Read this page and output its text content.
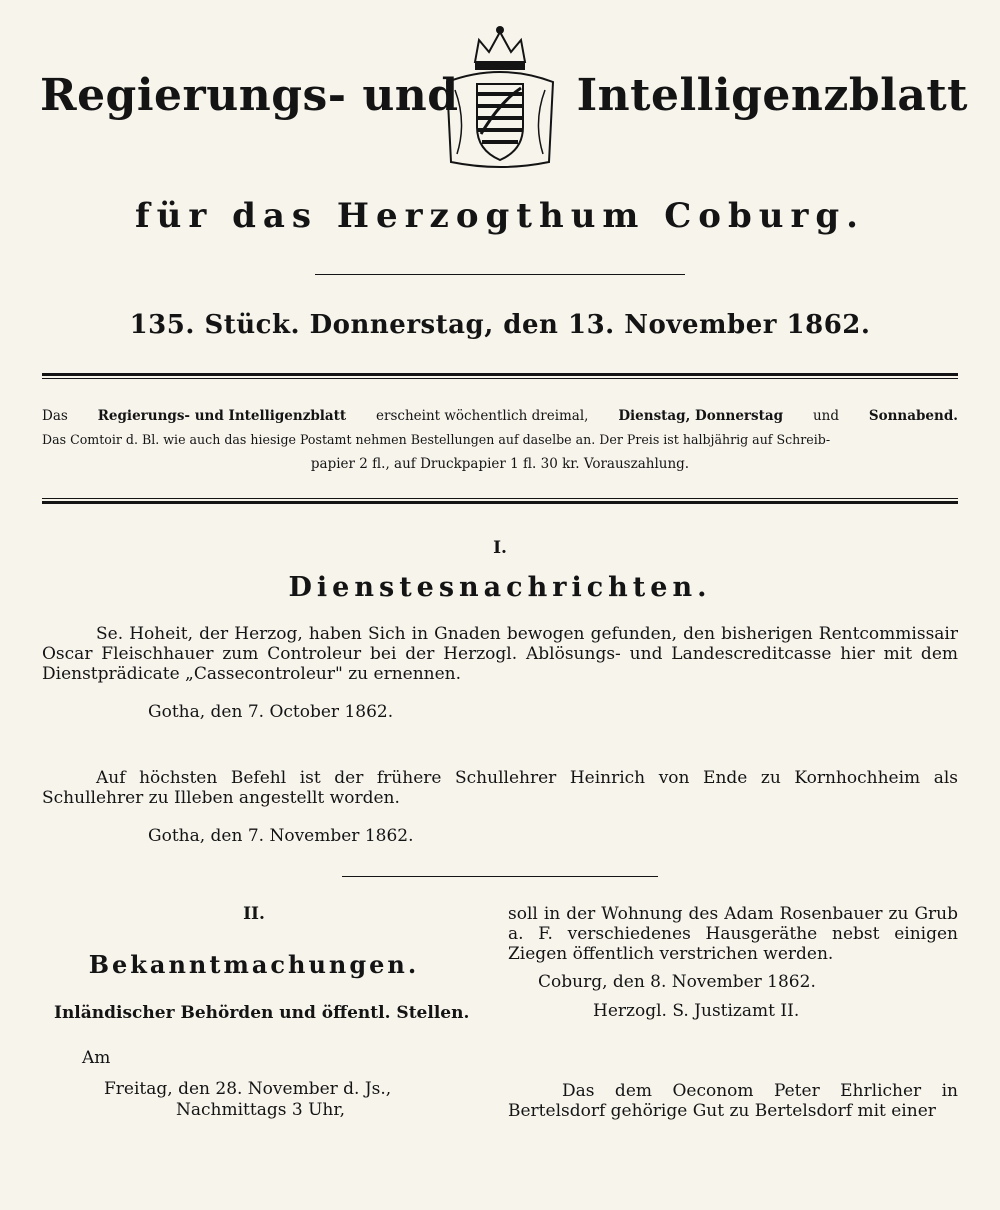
Regierungs- und	Intelligenzblatt
für das Herzogthum Coburg.
135. Stück. Donnerstag, den 13. November 1862.
Das Regierungs- und Intelligenzblatt erscheint wöchentlich dreimal, Dienstag, Donnerstag und Sonnabend.
Das Comtoir d. Bl. wie auch das hiesige Postamt nehmen Bestellungen auf daselbe an. Der Preis ist halbjährig auf Schreib-
papier 2 fl., auf Druckpapier 1 fl. 30 kr. Vorauszahlung.
I.
Dienstesnachrichten.
Se. Hoheit, der Herzog, haben Sich in Gnaden bewogen gefunden, den bisherigen Rentcommissair Oscar Fleischhauer zum Controleur bei der Herzogl. Ablösungs- und Landescreditcasse hier mit dem Dienstprädicate „Cassecontroleur" zu ernennen.
Gotha, den 7. October 1862.
Auf höchsten Befehl ist der frühere Schullehrer Heinrich von Ende zu Kornhochheim als Schullehrer zu Illeben angestellt worden.
Gotha, den 7. November 1862.
II.
Bekanntmachungen.
Inländischer Behörden und öffentl. Stellen.
Am
Freitag, den 28. November d. Js.,
Nachmittags 3 Uhr,
soll in der Wohnung des Adam Rosenbauer zu Grub a. F. verschiedenes Hausgeräthe nebst einigen Ziegen öffentlich verstrichen werden.
Coburg, den 8. November 1862.
Herzogl. S. Justizamt II.
Das dem Oeconom Peter Ehrlicher in Bertelsdorf gehörige Gut zu Bertelsdorf mit einer
